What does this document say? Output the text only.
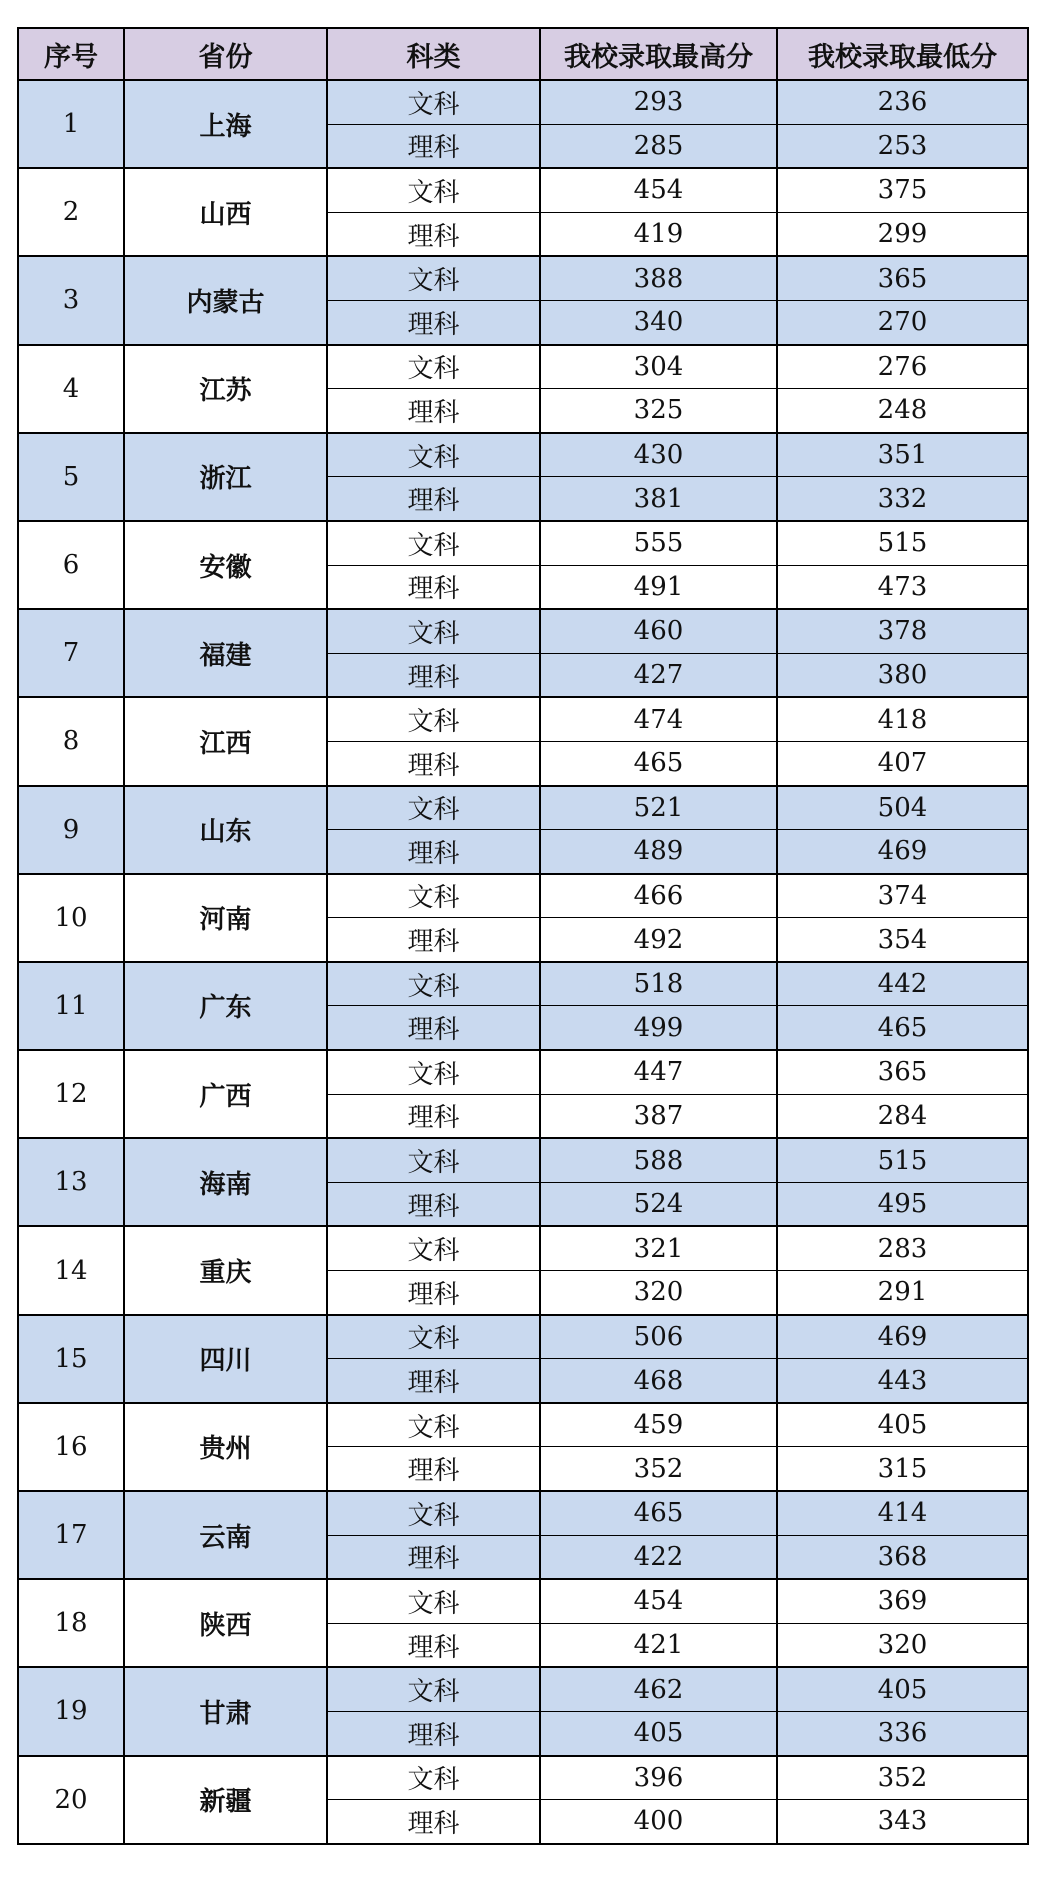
序号	省份	科类	我校录取最高分	我校录取最低分
1	上海	文科	293	236
		理科	285	253
2	山西	文科	454	375
		理科	419	299
3	内蒙古	文科	388	365
		理科	340	270
4	江苏	文科	304	276
		理科	325	248
5	浙江	文科	430	351
		理科	381	332
6	安徽	文科	555	515
		理科	491	473
7	福建	文科	460	378
		理科	427	380
8	江西	文科	474	418
		理科	465	407
9	山东	文科	521	504
		理科	489	469
10	河南	文科	466	374
		理科	492	354
11	广东	文科	518	442
		理科	499	465
12	广西	文科	447	365
		理科	387	284
13	海南	文科	588	515
		理科	524	495
14	重庆	文科	321	283
		理科	320	291
15	四川	文科	506	469
		理科	468	443
16	贵州	文科	459	405
		理科	352	315
17	云南	文科	465	414
		理科	422	368
18	陕西	文科	454	369
		理科	421	320
19	甘肃	文科	462	405
		理科	405	336
20	新疆	文科	396	352
		理科	400	343
